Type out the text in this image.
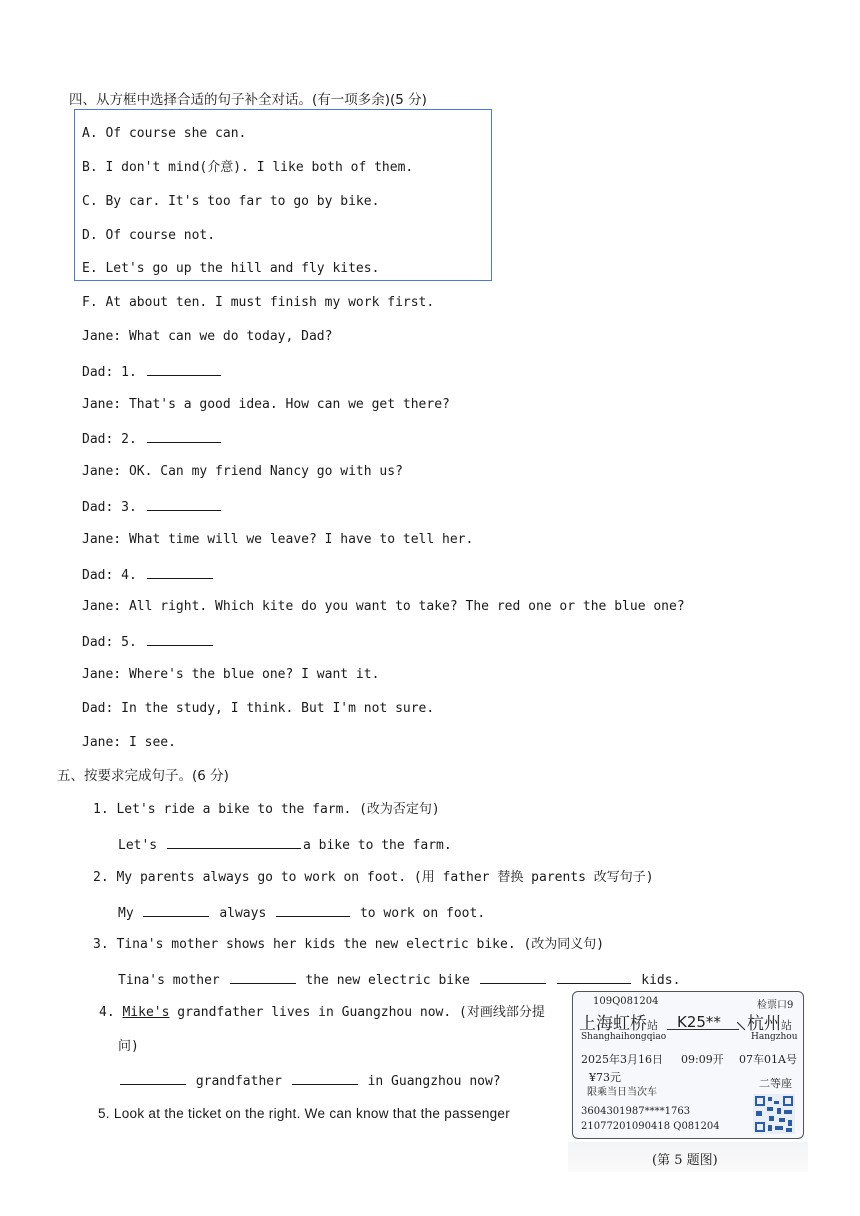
四、从方框中选择合适的句子补全对话。(有一项多余)(5 分)
A. Of course she can.
B. I don't mind(介意). I like both of them.
C. By car. It's too far to go by bike.
D. Of course not.
E. Let's go up the hill and fly kites.
F. At about ten. I must finish my work first.
Jane: What can we do today, Dad?
Dad: 1.
Jane: That's a good idea. How can we get there?
Dad: 2.
Jane: OK. Can my friend Nancy go with us?
Dad: 3.
Jane: What time will we leave? I have to tell her.
Dad: 4.
Jane: All right. Which kite do you want to take? The red one or the blue one?
Dad: 5.
Jane: Where's the blue one? I want it.
Dad: In the study, I think. But I'm not sure.
Jane: I see.
五、按要求完成句子。(6 分)
1. Let's ride a bike to the farm. (改为否定句)
Let's	a bike to the farm.
2. My parents always go to work on foot. (用 father 替换 parents 改写句子)
My	always	to work on foot.
3. Tina's mother shows her kids the new electric bike. (改为同义句)
Tina's mother	the new electric bike	kids.
4. Mike's grandfather lives in Guangzhou now. (对画线部分提
问)
grandfather	in Guangzhou now?
5. Look at the ticket on the right. We can know that the passenger
109Q081204	检票口9
上海虹桥站
Shanghaihongqiao
K25** 杭州站
Hangzhou
2025年3月16日 09:09开 07车01A号
¥73元
限乘当日当次车
二等座
3604301987****1763
21077201090418 Q081204
(第 5 题图)
